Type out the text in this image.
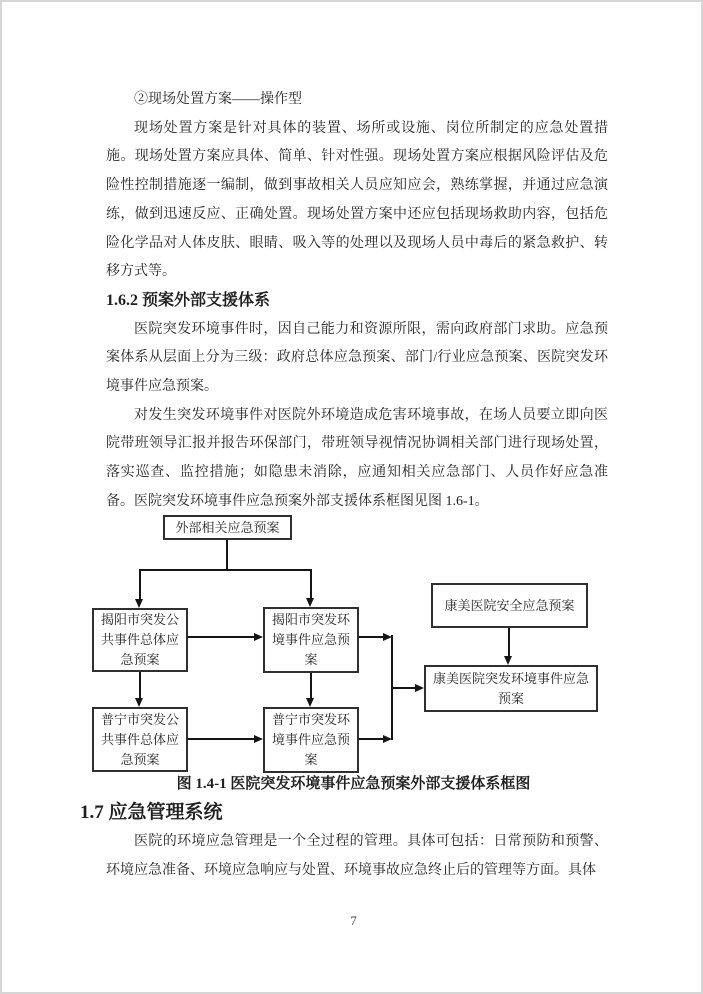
②现场处置方案——操作型

现场处置方案是针对具体的装置、场所或设施、岗位所制定的应急处置措施。现场处置方案应具体、简单、针对性强。现场处置方案应根据风险评估及危险性控制措施逐一编制，做到事故相关人员应知应会，熟练掌握，并通过应急演练，做到迅速反应、正确处置。现场处置方案中还应包括现场救助内容，包括危险化学品对人体皮肤、眼睛、吸入等的处理以及现场人员中毒后的紧急救护、转移方式等。

1.6.2 预案外部支援体系

医院突发环境事件时，因自己能力和资源所限，需向政府部门求助。应急预案体系从层面上分为三级：政府总体应急预案、部门/行业应急预案、医院突发环境事件应急预案。

对发生突发环境事件对医院外环境造成危害环境事故，在场人员要立即向医院带班领导汇报并报告环保部门，带班领导视情况协调相关部门进行现场处置，落实巡查、监控措施；如隐患未消除，应通知相关应急部门、人员作好应急准备。医院突发环境事件应急预案外部支援体系框图见图 1.6-1。

外部相关应急预案
揭阳市突发公共事件总体应急预案
揭阳市突发环境事件应急预案
康美医院安全应急预案
普宁市突发公共事件总体应急预案
普宁市突发环境事件应急预案
康美医院突发环境事件应急预案
图 1.4-1 医院突发环境事件应急预案外部支援体系框图
1.7 应急管理系统

医院的环境应急管理是一个全过程的管理。具体可包括：日常预防和预警、环境应急准备、环境应急响应与处置、环境事故应急终止后的管理等方面。具体

7
